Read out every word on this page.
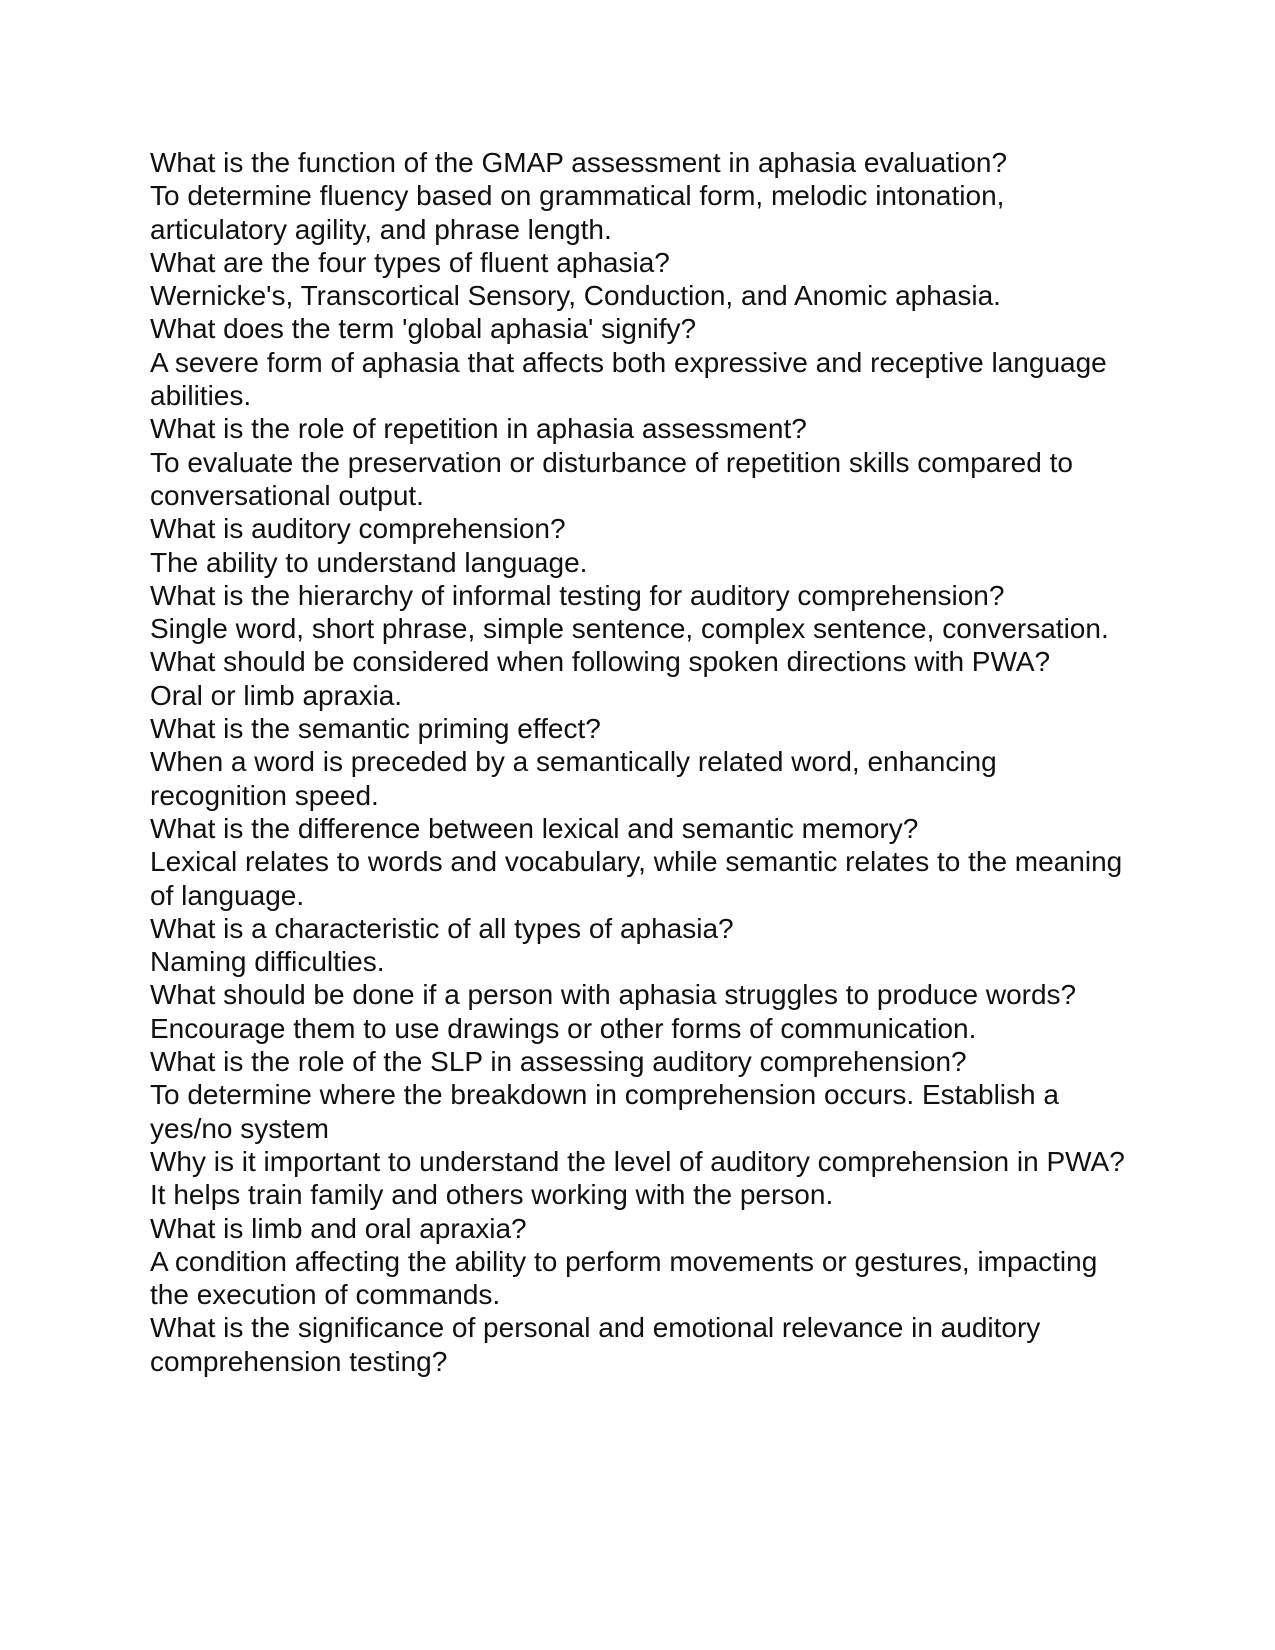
What is the function of the GMAP assessment in aphasia evaluation?

To determine fluency based on grammatical form, melodic intonation, articulatory agility, and phrase length.

What are the four types of fluent aphasia?

Wernicke's, Transcortical Sensory, Conduction, and Anomic aphasia.

What does the term 'global aphasia' signify?

A severe form of aphasia that affects both expressive and receptive language abilities.

What is the role of repetition in aphasia assessment?

To evaluate the preservation or disturbance of repetition skills compared to conversational output.

What is auditory comprehension?

The ability to understand language.

What is the hierarchy of informal testing for auditory comprehension?

Single word, short phrase, simple sentence, complex sentence, conversation.

What should be considered when following spoken directions with PWA?

Oral or limb apraxia.

What is the semantic priming effect?

When a word is preceded by a semantically related word, enhancing recognition speed.

What is the difference between lexical and semantic memory?

Lexical relates to words and vocabulary, while semantic relates to the meaning of language.

What is a characteristic of all types of aphasia?

Naming difficulties.

What should be done if a person with aphasia struggles to produce words?

Encourage them to use drawings or other forms of communication.

What is the role of the SLP in assessing auditory comprehension?

To determine where the breakdown in comprehension occurs. Establish a yes/no system

Why is it important to understand the level of auditory comprehension in PWA?

It helps train family and others working with the person.

What is limb and oral apraxia?

A condition affecting the ability to perform movements or gestures, impacting the execution of commands.

What is the significance of personal and emotional relevance in auditory comprehension testing?
